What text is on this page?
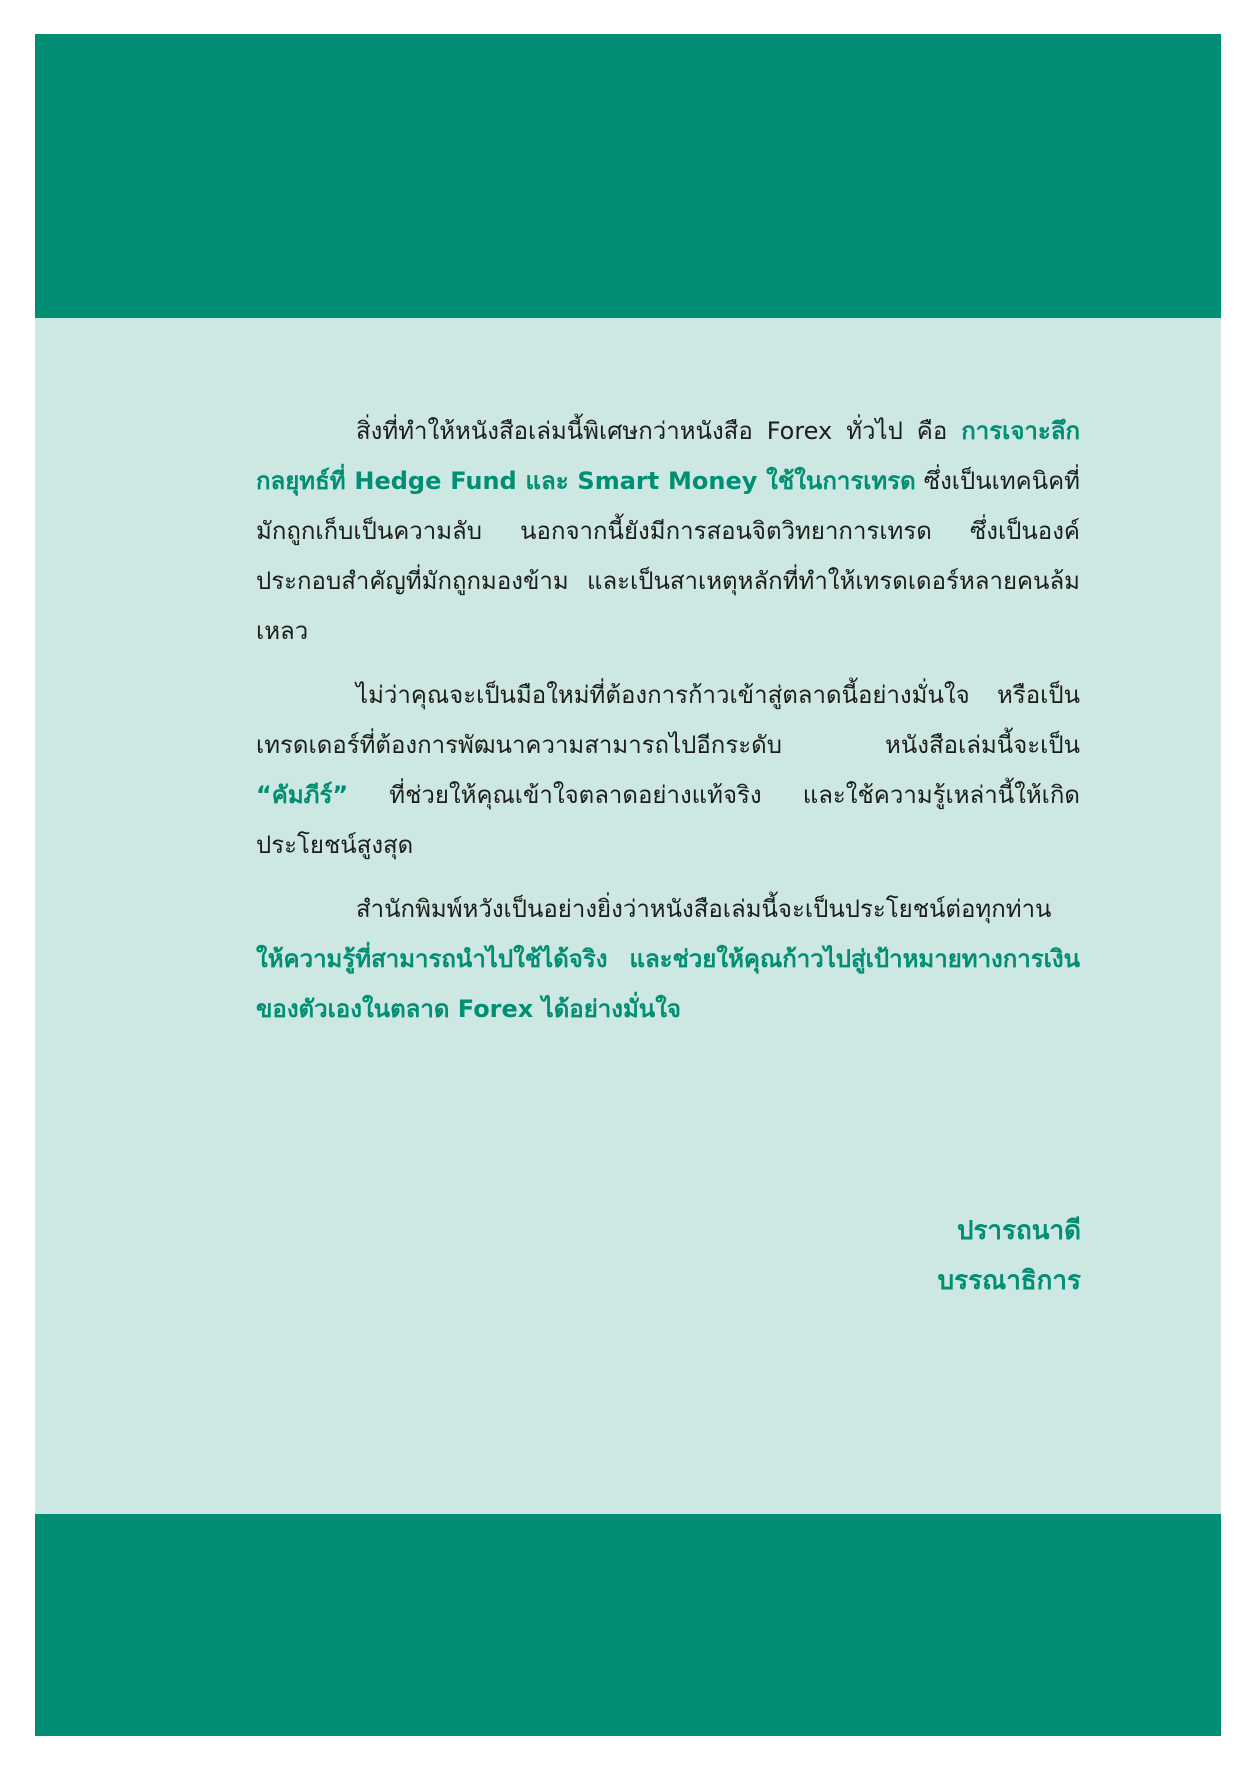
สิ่งที่ทำให้หนังสือเล่มนี้พิเศษกว่าหนังสือ Forex ทั่วไป คือ การเจาะลึกกลยุทธ์ที่ Hedge Fund และ Smart Money ใช้ในการเทรด ซึ่งเป็นเทคนิคที่มักถูกเก็บเป็นความลับ นอกจากนี้ยังมีการสอนจิตวิทยาการเทรด ซึ่งเป็นองค์ประกอบสำคัญที่มักถูกมองข้าม และเป็นสาเหตุหลักที่ทำให้เทรดเดอร์หลายคนล้มเหลว

ไม่ว่าคุณจะเป็นมือใหม่ที่ต้องการก้าวเข้าสู่ตลาดนี้อย่างมั่นใจ หรือเป็นเทรดเดอร์ที่ต้องการพัฒนาความสามารถไปอีกระดับ หนังสือเล่มนี้จะเป็น “คัมภีร์” ที่ช่วยให้คุณเข้าใจตลาดอย่างแท้จริง และใช้ความรู้เหล่านี้ให้เกิดประโยชน์สูงสุด

สำนักพิมพ์หวังเป็นอย่างยิ่งว่าหนังสือเล่มนี้จะเป็นประโยชน์ต่อทุกท่าน ให้ความรู้ที่สามารถนำไปใช้ได้จริง และช่วยให้คุณก้าวไปสู่เป้าหมายทางการเงินของตัวเองในตลาด Forex ได้อย่างมั่นใจ

ปรารถนาดี
บรรณาธิการ
